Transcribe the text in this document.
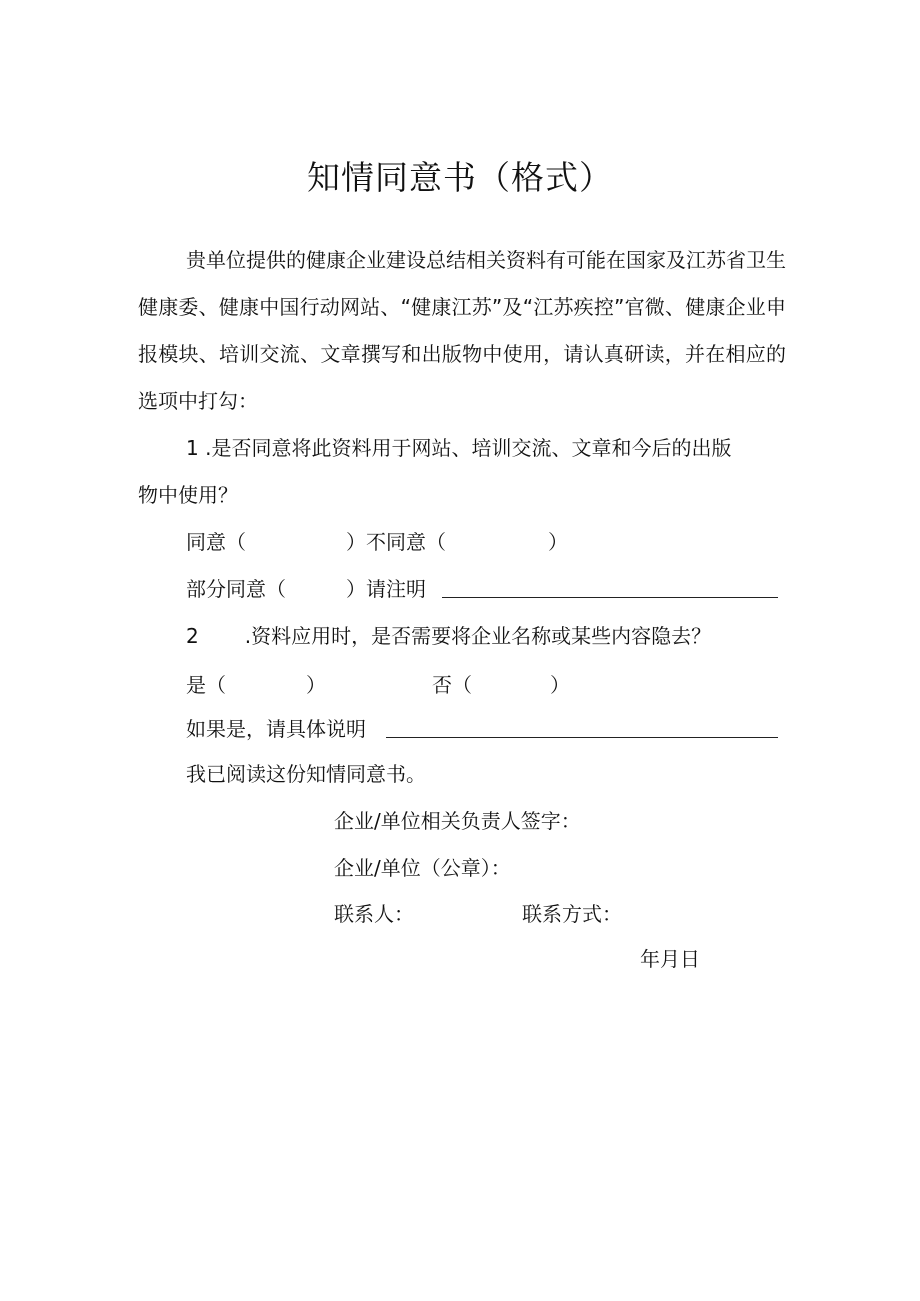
知情同意书（格式）
贵单位提供的健康企业建设总结相关资料有可能在国家及江苏省卫生健康委、健康中国行动网站、“健康江苏”及“江苏疾控”官微、健康企业申报模块、培训交流、文章撰写和出版物中使用，请认真研读，并在相应的选项中打勾：
1 .是否同意将此资料用于网站、培训交流、文章和今后的出版
物中使用？
同意（	）不同意（	）
部分同意（	）请注明
2 .资料应用时，是否需要将企业名称或某些内容隐去？
是（	）	否（	）
如果是，请具体说明
我已阅读这份知情同意书。
企业/单位相关负责人签字：
企业/单位（公章）：
联系人：	联系方式：
年月日
